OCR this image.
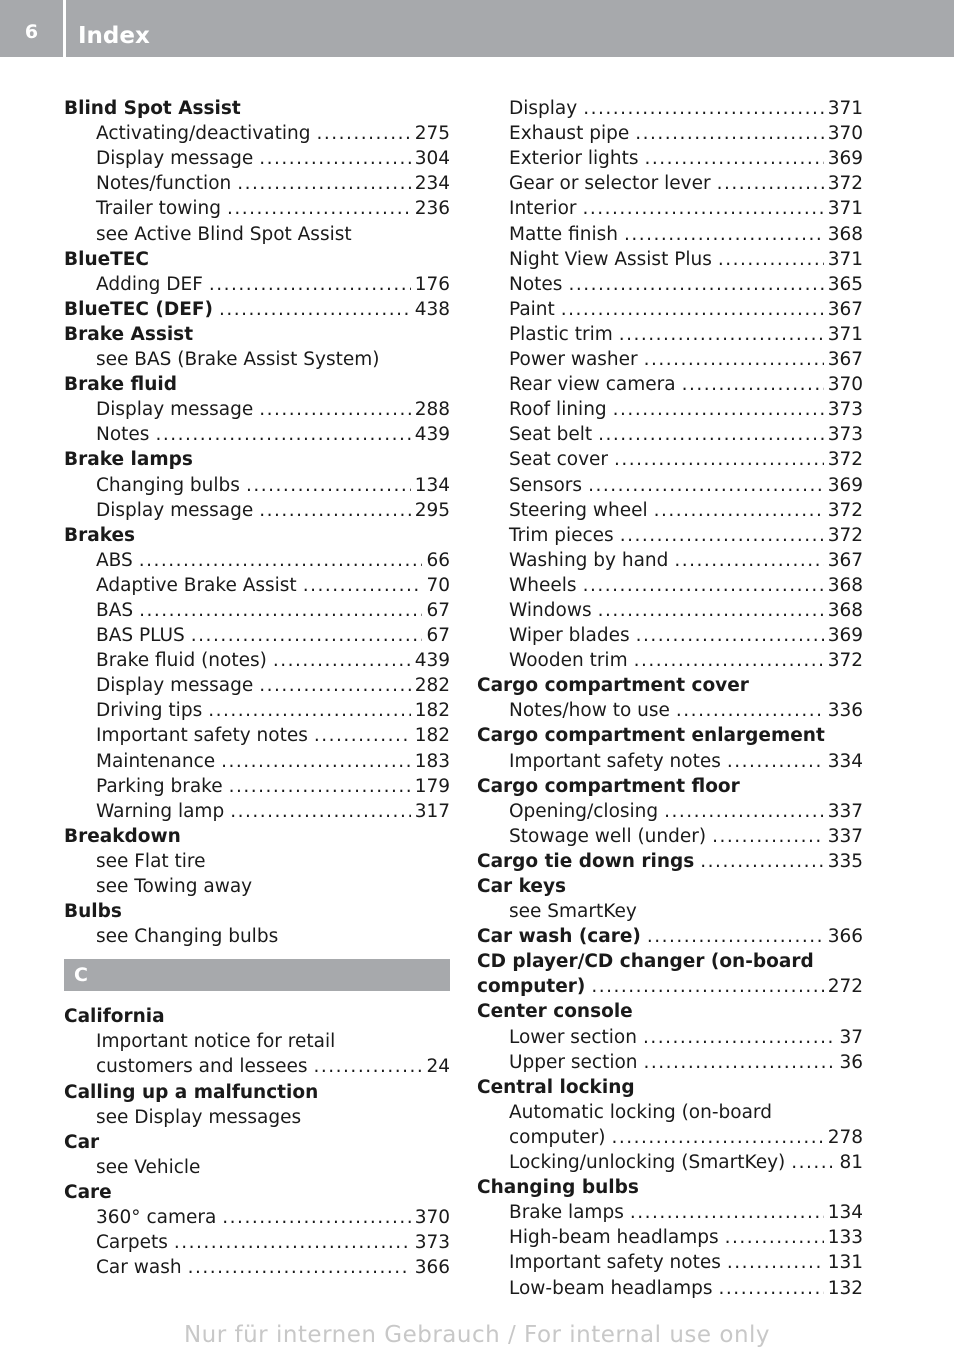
6	Index
Blind Spot Assist
Activating/deactivating .....	275
Display message .....	304
Notes/function .....	234
Trailer towing .....	236
see Active Blind Spot Assist
BlueTEC
Adding DEF .....	176
BlueTEC (DEF) .....	438
Brake Assist
see BAS (Brake Assist System)
Brake fluid
Display message .....	288
Notes .....	439
Brake lamps
Changing bulbs .....	134
Display message .....	295
Brakes
ABS .....	66
Adaptive Brake Assist .....	70
BAS .....	67
BAS PLUS .....	67
Brake fluid (notes) .....	439
Display message .....	282
Driving tips .....	182
Important safety notes .....	182
Maintenance .....	183
Parking brake .....	179
Warning lamp .....	317
Breakdown
see Flat tire
see Towing away
Bulbs
see Changing bulbs
C
California
Important notice for retail
customers and lessees .....	24
Calling up a malfunction
see Display messages
Car
see Vehicle
Care
360° camera .....	370
Carpets .....	373
Car wash .....	366
Display .....	371
Exhaust pipe .....	370
Exterior lights .....	369
Gear or selector lever .....	372
Interior .....	371
Matte finish .....	368
Night View Assist Plus .....	371
Notes .....	365
Paint .....	367
Plastic trim .....	371
Power washer .....	367
Rear view camera .....	370
Roof lining .....	373
Seat belt .....	373
Seat cover .....	372
Sensors .....	369
Steering wheel .....	372
Trim pieces .....	372
Washing by hand .....	367
Wheels .....	368
Windows .....	368
Wiper blades .....	369
Wooden trim .....	372
Cargo compartment cover
Notes/how to use .....	336
Cargo compartment enlargement
Important safety notes .....	334
Cargo compartment floor
Opening/closing .....	337
Stowage well (under) .....	337
Cargo tie down rings .....	335
Car keys
see SmartKey
Car wash (care) .....	366
CD player/CD changer (on-board
computer) .....	272
Center console
Lower section .....	37
Upper section .....	36
Central locking
Automatic locking (on-board
computer) .....	278
Locking/unlocking (SmartKey) .....	81
Changing bulbs
Brake lamps .....	134
High-beam headlamps .....	133
Important safety notes .....	131
Low-beam headlamps .....	132
Nur für internen Gebrauch / For internal use only
